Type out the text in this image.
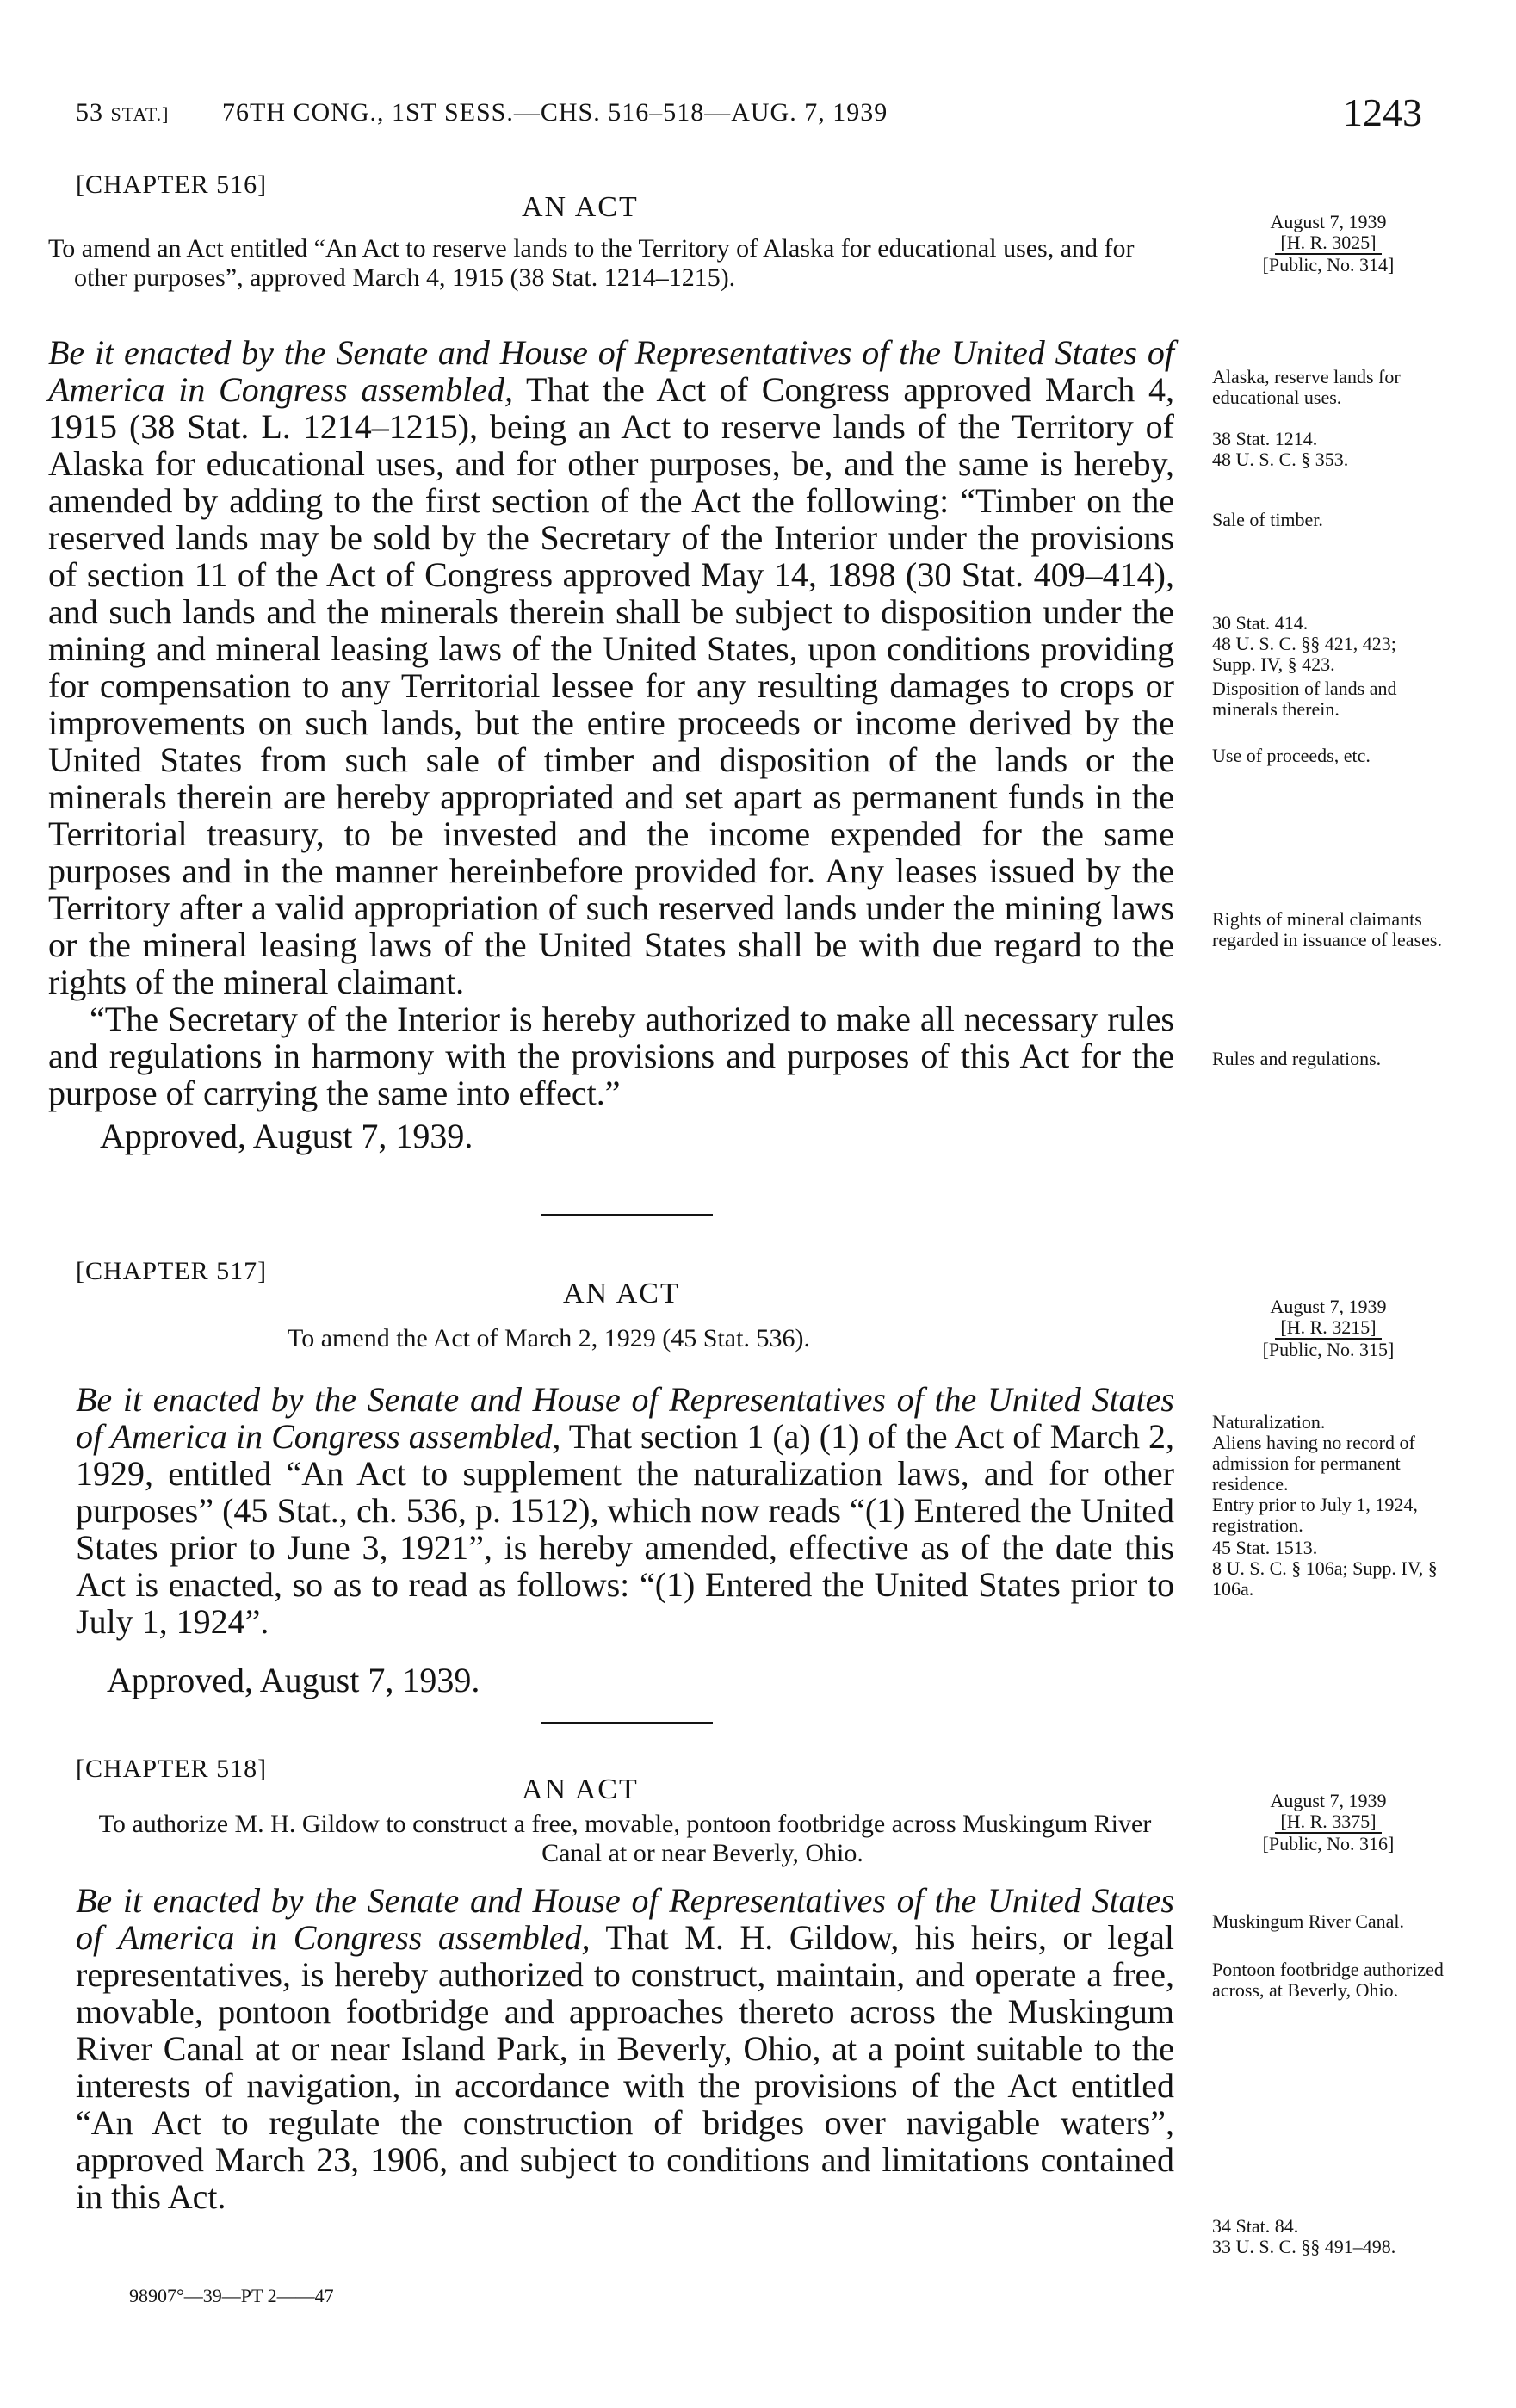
53 STAT.] 76TH CONG., 1ST SESS.—CHS. 516–518—AUG. 7, 1939	1243
[CHAPTER 516]
AN ACT
To amend an Act entitled “An Act to reserve lands to the Territory of Alaska for educational uses, and for other purposes”, approved March 4, 1915 (38 Stat. 1214–1215).
August 7, 1939
[H. R. 3025]
[Public, No. 314]

Be it enacted by the Senate and House of Representatives of the United States of America in Congress assembled, That the Act of Congress approved March 4, 1915 (38 Stat. L. 1214–1215), being an Act to reserve lands of the Territory of Alaska for educational uses, and for other purposes, be, and the same is hereby, amended by adding to the first section of the Act the following: “Timber on the reserved lands may be sold by the Secretary of the Interior under the provisions of section 11 of the Act of Congress approved May 14, 1898 (30 Stat. 409–414), and such lands and the minerals therein shall be subject to disposition under the mining and mineral leasing laws of the United States, upon conditions providing for compensation to any Territorial lessee for any resulting damages to crops or improvements on such lands, but the entire proceeds or income derived by the United States from such sale of timber and disposition of the lands or the minerals therein are hereby appropriated and set apart as permanent funds in the Territorial treasury, to be invested and the income expended for the same purposes and in the manner hereinbefore provided for. Any leases issued by the Territory after a valid appropriation of such reserved lands under the mining laws or the mineral leasing laws of the United States shall be with due regard to the rights of the mineral claimant.

“The Secretary of the Interior is hereby authorized to make all necessary rules and regulations in harmony with the provisions and purposes of this Act for the purpose of carrying the same into effect.”

Approved, August 7, 1939.
Alaska, reserve lands for educational uses.
38 Stat. 1214.
48 U. S. C. § 353.
Sale of timber.
30 Stat. 414.
48 U. S. C. §§ 421, 423; Supp. IV, § 423.
Disposition of lands and minerals therein.
Use of proceeds, etc.
Rights of mineral claimants regarded in issuance of leases.
Rules and regulations.
[CHAPTER 517]
AN ACT
To amend the Act of March 2, 1929 (45 Stat. 536).
August 7, 1939
[H. R. 3215]
[Public, No. 315]

Be it enacted by the Senate and House of Representatives of the United States of America in Congress assembled, That section 1 (a) (1) of the Act of March 2, 1929, entitled “An Act to supplement the naturalization laws, and for other purposes” (45 Stat., ch. 536, p. 1512), which now reads “(1) Entered the United States prior to June 3, 1921”, is hereby amended, effective as of the date this Act is enacted, so as to read as follows: “(1) Entered the United States prior to July 1, 1924”.

Approved, August 7, 1939.
Naturalization.
Aliens having no record of admission for permanent residence.
Entry prior to July 1, 1924, registration.
45 Stat. 1513.
8 U. S. C. § 106a; Supp. IV, § 106a.
[CHAPTER 518]
AN ACT
To authorize M. H. Gildow to construct a free, movable, pontoon footbridge across Muskingum River Canal at or near Beverly, Ohio.
August 7, 1939
[H. R. 3375]
[Public, No. 316]

Be it enacted by the Senate and House of Representatives of the United States of America in Congress assembled, That M. H. Gildow, his heirs, or legal representatives, is hereby authorized to construct, maintain, and operate a free, movable, pontoon footbridge and approaches thereto across the Muskingum River Canal at or near Island Park, in Beverly, Ohio, at a point suitable to the interests of navigation, in accordance with the provisions of the Act entitled “An Act to regulate the construction of bridges over navigable waters”, approved March 23, 1906, and subject to conditions and limitations contained in this Act.

Muskingum River Canal.
Pontoon footbridge authorized across, at Beverly, Ohio.
34 Stat. 84.
33 U. S. C. §§ 491–498.
98907°—39—PT 2——47
